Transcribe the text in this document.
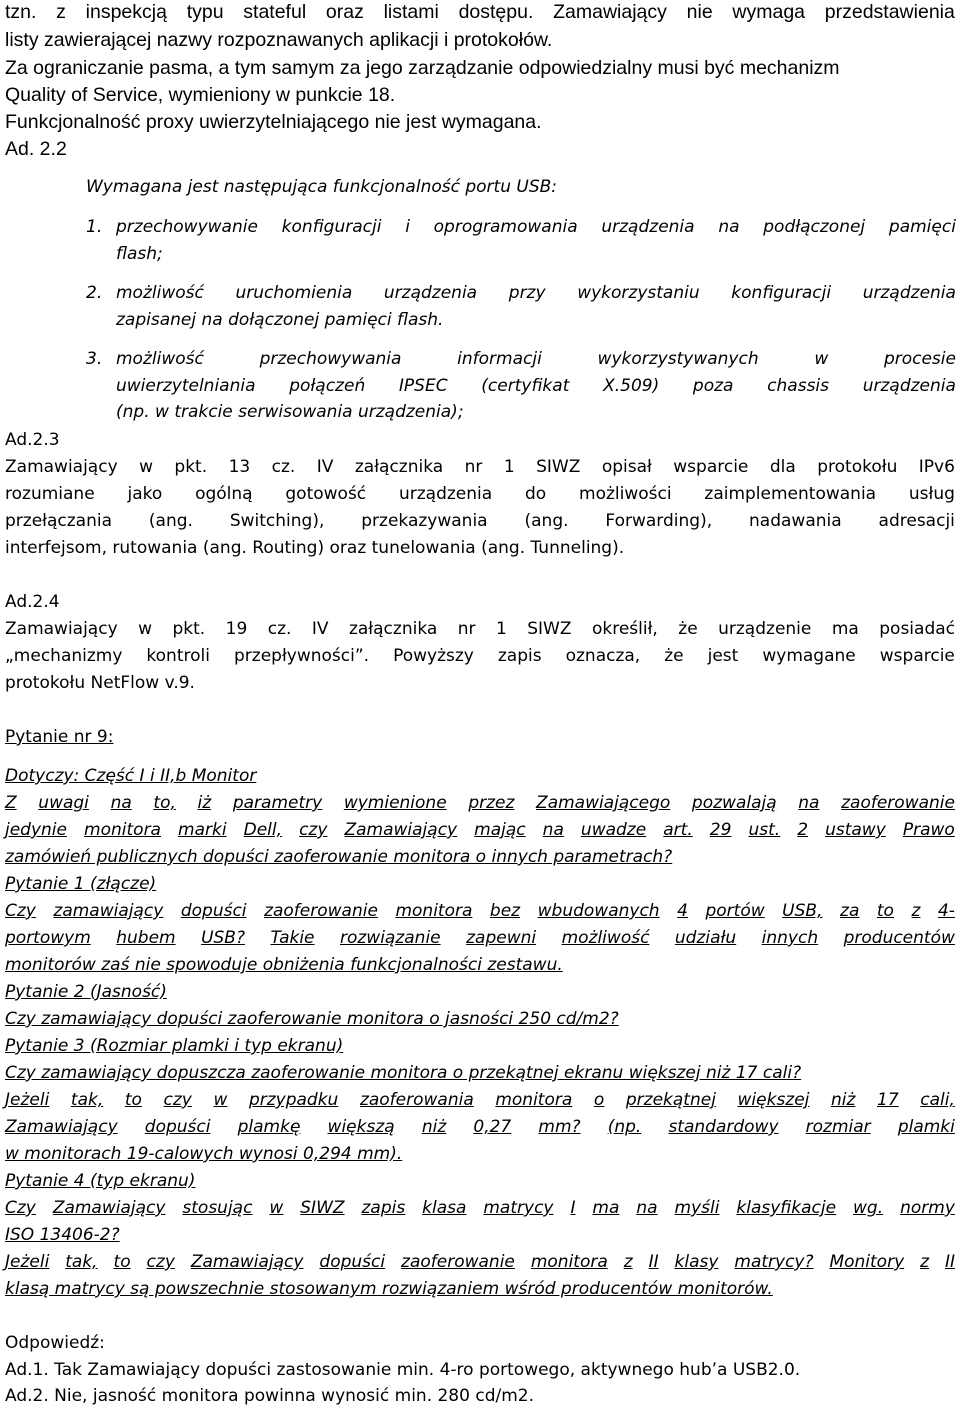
tzn. z inspekcją typu stateful oraz listami dostępu. Zamawiający nie wymaga przedstawienia
listy zawierającej nazwy rozpoznawanych aplikacji i protokołów.
Za ograniczanie pasma, a tym samym za jego zarządzanie odpowiedzialny musi być mechanizm
Quality of Service, wymieniony w punkcie 18.
Funkcjonalność proxy uwierzytelniającego nie jest wymagana.
Ad. 2.2
Wymagana jest następująca funkcjonalność portu USB:
1. przechowywanie konfiguracji i oprogramowania urządzenia na podłączonej pamięci
flash;
2. możliwość uruchomienia urządzenia przy wykorzystaniu konfiguracji urządzenia
zapisanej na dołączonej pamięci flash.
3. możliwość	przechowywania	informacji	wykorzystywanych	w	procesie
uwierzytelniania połączeń IPSEC (certyfikat X.509) poza chassis urządzenia
(np. w trakcie serwisowania urządzenia);
Ad.2.3
Zamawiający w pkt. 13 cz. IV załącznika nr 1 SIWZ opisał wsparcie dla protokołu IPv6
rozumiane jako ogólną gotowość urządzenia do możliwości zaimplementowania usług
przełączania (ang. Switching), przekazywania (ang. Forwarding), nadawania adresacji
interfejsom, rutowania (ang. Routing) oraz tunelowania (ang. Tunneling).
Ad.2.4
Zamawiający w pkt. 19 cz. IV załącznika nr 1 SIWZ określił, że urządzenie ma posiadać
„mechanizmy kontroli przepływności”. Powyższy zapis oznacza, że jest wymagane wsparcie
protokołu NetFlow v.9.
Pytanie nr 9:
Dotyczy: Część I i II,b Monitor
Z uwagi na to, iż parametry wymienione przez Zamawiającego pozwalają na zaoferowanie
jedynie monitora marki Dell, czy Zamawiający mając na uwadze art. 29 ust. 2 ustawy Prawo
zamówień publicznych dopuści zaoferowanie monitora o innych parametrach?
Pytanie 1 (złącze)
Czy zamawiający dopuści zaoferowanie monitora bez wbudowanych 4 portów USB, za to z 4-
portowym hubem USB? Takie rozwiązanie zapewni możliwość udziału innych producentów
monitorów zaś nie spowoduje obniżenia funkcjonalności zestawu.
Pytanie 2 (Jasność)
Czy zamawiający dopuści zaoferowanie monitora o jasności 250 cd/m2?
Pytanie 3 (Rozmiar plamki i typ ekranu)
Czy zamawiający dopuszcza zaoferowanie monitora o przekątnej ekranu większej niż 17 cali?
Jeżeli tak, to czy w przypadku zaoferowania monitora o przekątnej większej niż 17 cali,
Zamawiający dopuści plamkę większą niż 0,27 mm? (np. standardowy rozmiar plamki
w monitorach 19-calowych wynosi 0,294 mm).
Pytanie 4 (typ ekranu)
Czy Zamawiający stosując w SIWZ zapis klasa matrycy I ma na myśli klasyfikacje wg. normy
ISO 13406-2?
Jeżeli tak, to czy Zamawiający dopuści zaoferowanie monitora z II klasy matrycy? Monitory z II
klasą matrycy są powszechnie stosowanym rozwiązaniem wśród producentów monitorów.
Odpowiedź:
Ad.1. Tak Zamawiający dopuści zastosowanie min. 4-ro portowego, aktywnego hub’a USB2.0.
Ad.2. Nie, jasność monitora powinna wynosić min. 280 cd/m2.
